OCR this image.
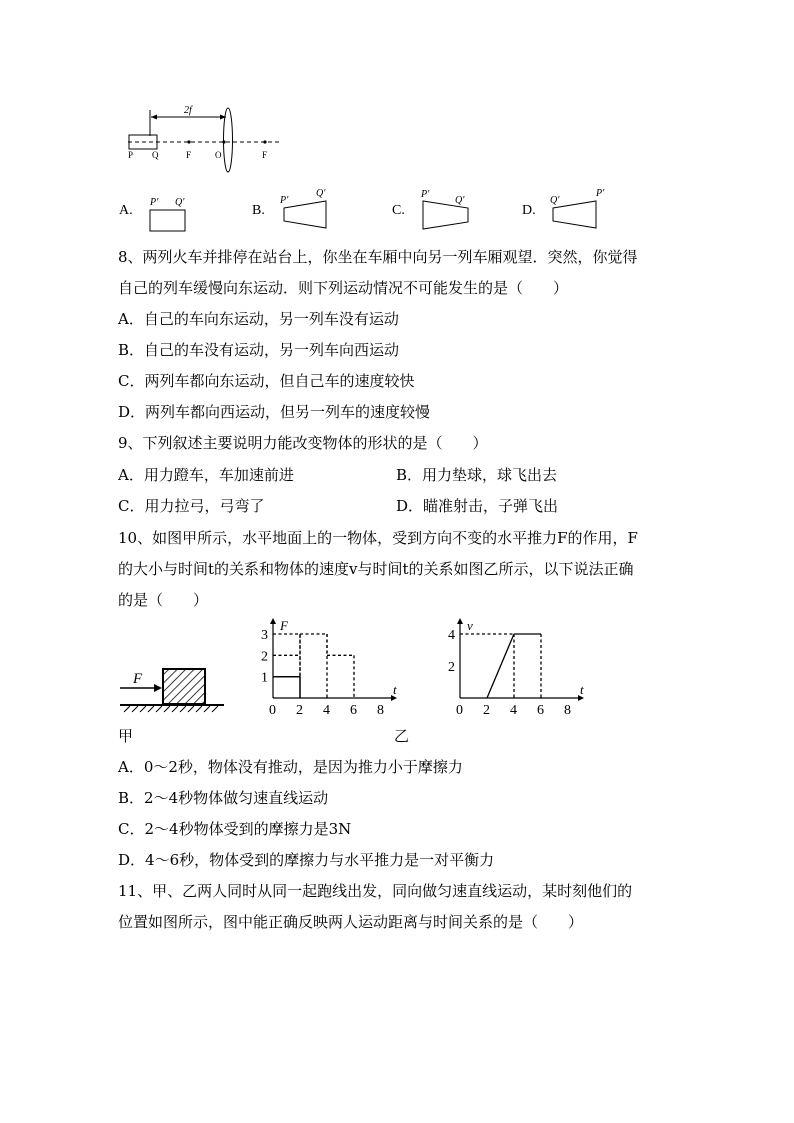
2f
P Q	F	O	F
A.
P' Q'
B.
P'
Q'
C.
P'
Q'
D.
Q'
P'
8、两列火车并排停在站台上，你坐在车厢中向另一列车厢观望．突然，你觉得
自己的列车缓慢向东运动．则下列运动情况不可能发生的是（　　）
A．自己的车向东运动，另一列车没有运动
B．自己的车没有运动，另一列车向西运动
C．两列车都向东运动，但自己车的速度较快
D．两列车都向西运动，但另一列车的速度较慢
9、下列叙述主要说明力能改变物体的形状的是（　　）
A．用力蹬车，车加速前进	B．用力垫球，球飞出去
C．用力拉弓，弓弯了	D．瞄准射击，子弹飞出
10、如图甲所示，水平地面上的一物体，受到方向不变的水平推力F的作用，F
的大小与时间t的关系和物体的速度v与时间t的关系如图乙所示，以下说法正确
的是（　　）
F
t
F
0 2 4 6 8
1
2
3
t
v
0 2 4 6 8
2
4
甲	乙
A．0～2秒，物体没有推动，是因为推力小于摩擦力
B．2～4秒物体做匀速直线运动
C．2～4秒物体受到的摩擦力是3N
D．4～6秒，物体受到的摩擦力与水平推力是一对平衡力
11、甲、乙两人同时从同一起跑线出发，同向做匀速直线运动，某时刻他们的
位置如图所示，图中能正确反映两人运动距离与时间关系的是（　　）
